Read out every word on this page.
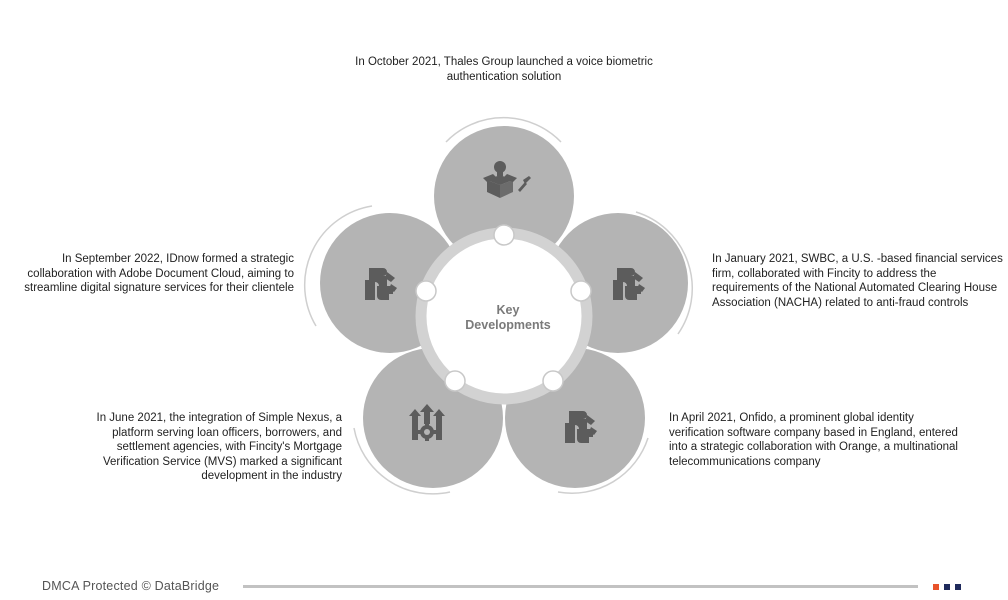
Key
Developments
In October 2021, Thales Group launched a voice biometric authentication solution
In January 2021, SWBC, a U.S. -based financial services firm, collaborated with Fincity to address the requirements of the National Automated Clearing House Association (NACHA) related to anti-fraud controls
In April 2021, Onfido, a prominent global identity verification software company based in England, entered into a strategic collaboration with Orange, a multinational telecommunications company
In June 2021, the integration of Simple Nexus, a platform serving loan officers, borrowers, and settlement agencies, with Fincity's Mortgage Verification Service (MVS) marked a significant development in the industry
In September 2022, IDnow formed a strategic collaboration with Adobe Document Cloud, aiming to streamline digital signature services for their clientele
DMCA Protected © DataBridge
